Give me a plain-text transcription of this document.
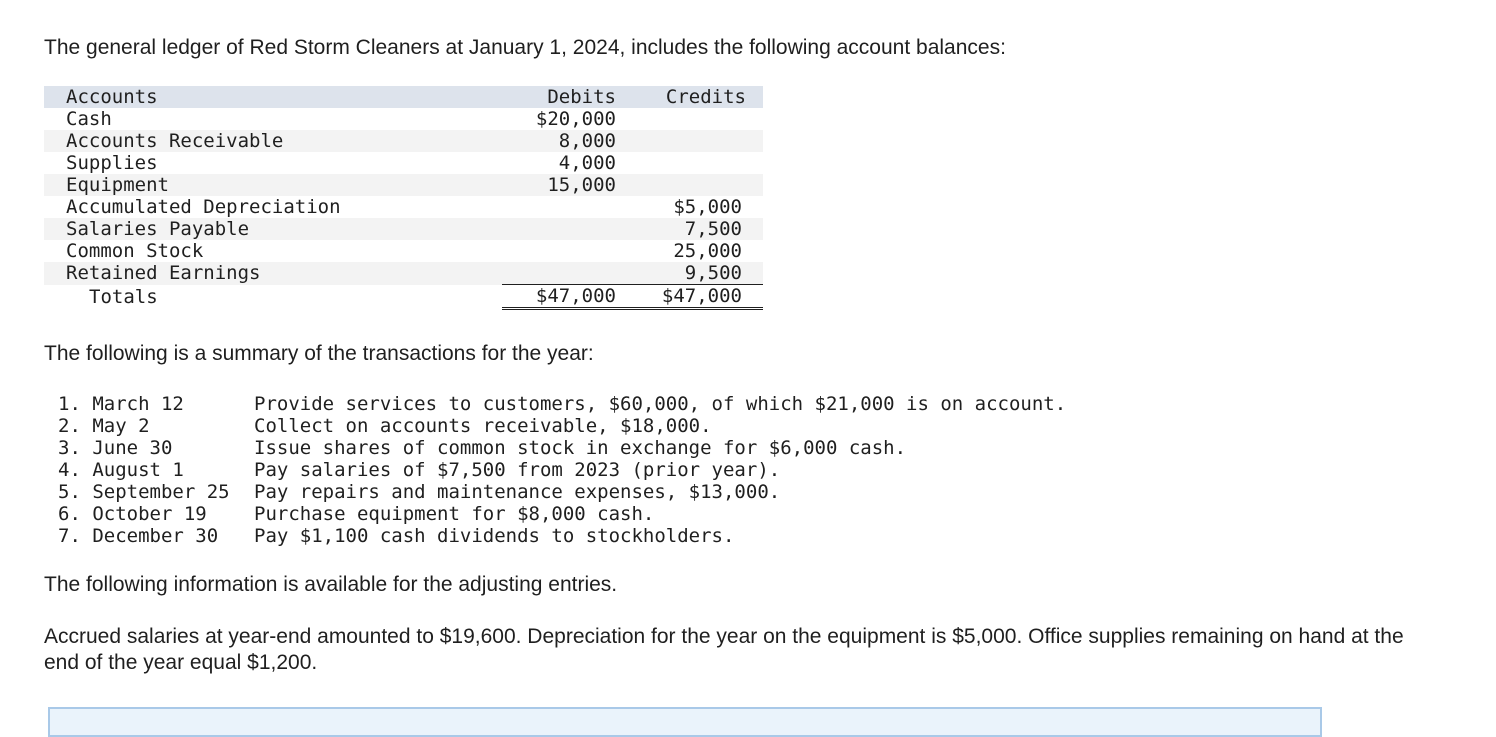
The general ledger of Red Storm Cleaners at January 1, 2024, includes the following account balances:

Accounts	Debits	Credits
Cash	$20,000	
Accounts Receivable	8,000	
Supplies	4,000	
Equipment	15,000	
Accumulated Depreciation		$5,000
Salaries Payable		7,500
Common Stock		25,000
Retained Earnings		9,500
Totals	$47,000	$47,000

The following is a summary of the transactions for the year:

1. March 12	Provide services to customers, $60,000, of which $21,000 is on account.
2. May 2	Collect on accounts receivable, $18,000.
3. June 30	Issue shares of common stock in exchange for $6,000 cash.
4. August 1	Pay salaries of $7,500 from 2023 (prior year).
5. September 25	Pay repairs and maintenance expenses, $13,000.
6. October 19	Purchase equipment for $8,000 cash.
7. December 30	Pay $1,100 cash dividends to stockholders.

The following information is available for the adjusting entries.

Accrued salaries at year-end amounted to $19,600. Depreciation for the year on the equipment is $5,000. Office supplies remaining on hand at the end of the year equal $1,200.
